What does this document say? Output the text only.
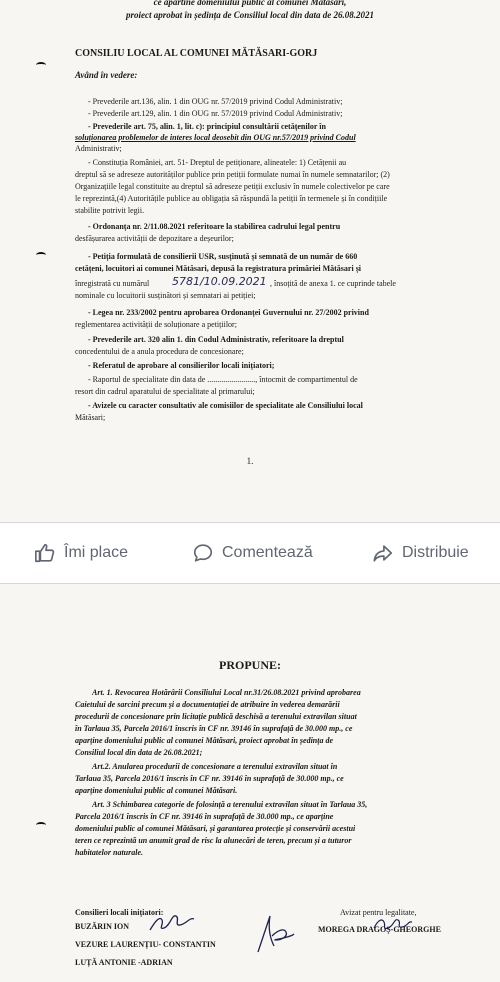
ce apartine domeniului public al comunei Mătăsari,
proiect aprobat în ședința de Consiliul local din data de 26.08.2021
CONSILIU LOCAL AL COMUNEI MĂTĂSARI-GORJ
Având în vedere:
- Prevederile art.136, alin. 1 din OUG nr. 57/2019 privind Codul Administrativ;
- Prevederile art.129, alin. 1 din OUG nr. 57/2019 privind Codul Administrativ;
- Prevederile art. 75, alin. 1, lit. c): principiul consultării cetățenilor în
soluționarea problemelor de interes local deosebit din OUG nr.57/2019 privind Codul
Administrativ;
- Constituția României, art. 51- Dreptul de petiționare, alineatele: 1) Cetățenii au
dreptul să se adreseze autorităților publice prin petiții formulate numai în numele semnatarilor; (2)
Organizațiile legal constituite au dreptul să adreseze petiții exclusiv în numele colectivelor pe care
le reprezintă,(4) Autoritățile publice au obligația să răspundă la petiții în termenele și în condițiile
stabilite potrivit legii.
- Ordonanța nr. 2/11.08.2021 referitoare la stabilirea cadrului legal pentru
desfășurarea activității de depozitare a deșeurilor;
- Petiția formulată de consilierii USR, susținută și semnată de un număr de 660
cetățeni, locuitori ai comunei Mătăsari, depusă la registratura primăriei Mătăsari și
înregistrată cu numărul 5781/10.09.2021 , însoțită de anexa 1. ce cuprinde tabele
nominale cu locuitorii susținători și semnatari ai petiției;
- Legea nr. 233/2002 pentru aprobarea Ordonanței Guvernului nr. 27/2002 privind
reglementarea activității de soluționare a petițiilor;
- Prevederile art. 320 alin 1. din Codul Administrativ, referitoare la dreptul
concedentului de a anula procedura de concesionare;
- Referatul de aprobare al consilierilor locali inițiatori;
- Raportul de specialitate din data de ........................, întocmit de compartimentul de
resort din cadrul aparatului de specialitate al primarului;
- Avizele cu caracter consultativ ale comisiilor de specialitate ale Consiliului local
Mătăsari;
1.
Îmi place	Comentează	Distribuie
PROPUNE:
Art. 1. Revocarea Hotărârii Consiliului Local nr.31/26.08.2021 privind aprobarea
Caietului de sarcini precum și a documentației de atribuire în vederea demarării
procedurii de concesionare prin licitație publică deschisă a terenului extravilan situat
în Tarlaua 35, Parcela 2016/1 înscris în CF nr. 39146 în suprafață de 30.000 mp., ce
aparține domeniului public al comunei Mătăsari, proiect aprobat în ședința de
Consiliul local din data de 26.08.2021;
Art.2. Anularea procedurii de concesionare a terenului extravilan situat în
Tarlaua 35, Parcela 2016/1 înscris în CF nr. 39146 în suprafață de 30.000 mp., ce
aparține domeniului public al comunei Mătăsari.
Art. 3 Schimbarea categorie de folosință a terenului extravilan situat în Tarlaua 35,
Parcela 2016/1 înscris în CF nr. 39146 în suprafață de 30.000 mp., ce aparține
domeniului public al comunei Mătăsari, și garantarea protecție și conservării acestui
teren ce reprezintă un anumit grad de risc la alunecări de teren, precum și a tuturor
habitatelor naturale.
Consilieri locali inițiatori:
BUZĂRIN ION
VEZURE LAURENȚIU- CONSTANTIN
LUȚĂ ANTONIE -ADRIAN
Avizat pentru legalitate,
MOREGA DRAGOȘ-GHEORGHE
